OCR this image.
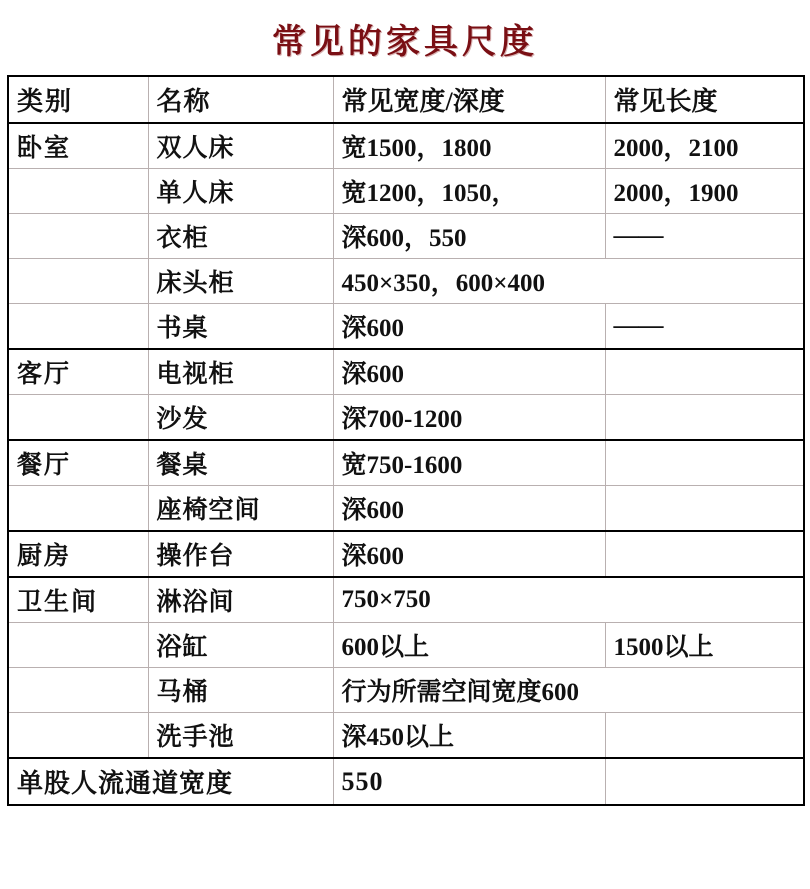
常见的家具尺度
类别	名称	常见宽度/深度	常见长度
卧室	双人床	宽1500，1800	2000，2100
	单人床	宽1200，1050，	2000，1900
	衣柜	深600，550	——
	床头柜	450×350，600×400	
	书桌	深600	——
客厅	电视柜	深600	
	沙发	深700-1200	
餐厅	餐桌	宽750-1600	
	座椅空间	深600	
厨房	操作台	深600	
卫生间	淋浴间	750×750	
	浴缸	600以上	1500以上
	马桶	行为所需空间宽度600	
	洗手池	深450以上	
单股人流通道宽度		550	
